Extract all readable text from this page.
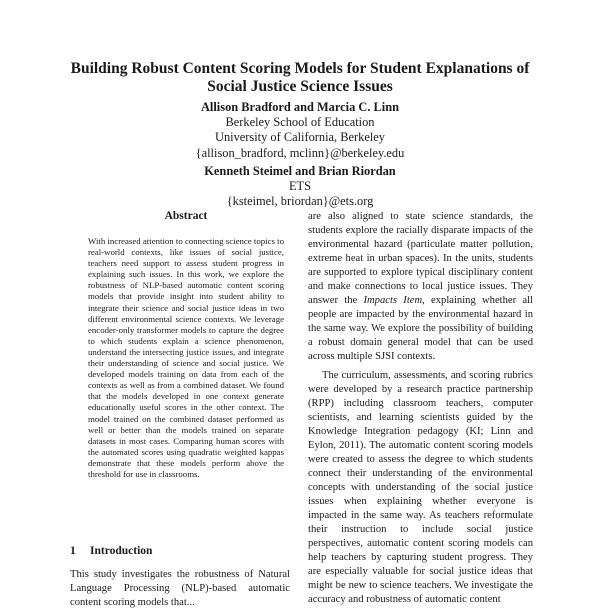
Building Robust Content Scoring Models for Student Explanations of
Social Justice Science Issues
Allison Bradford and Marcia C. Linn
Berkeley School of Education
University of California, Berkeley
{allison_bradford, mclinn}@berkeley.edu
Kenneth Steimel and Brian Riordan
ETS
{ksteimel, briordan}@ets.org
Abstract

With increased attention to connecting science topics to real-world contexts, like issues of social justice, teachers need support to assess student progress in explaining such issues. In this work, we explore the robustness of NLP-based automatic content scoring models that provide insight into student ability to integrate their science and social justice ideas in two different environmental science contexts. We leverage encoder-only transformer models to capture the degree to which students explain a science phenomenon, understand the intersecting justice issues, and integrate their understanding of science and social justice. We developed models training on data from each of the contexts as well as from a combined dataset. We found that the models developed in one context generate educationally useful scores in the other context. The model trained on the combined dataset performed as well or better than the models trained on separate datasets in most cases. Comparing human scores with the automated scores using quadratic weighted kappas demonstrate that these models perform above the threshold for use in classrooms.

are also aligned to state science standards, the students explore the racially disparate impacts of the environmental hazard (particulate matter pollution, extreme heat in urban spaces). In the units, students are supported to explore typical disciplinary content and make connections to local justice issues. They answer the Impacts Item, explaining whether all people are impacted by the environmental hazard in the same way. We explore the possibility of building a robust domain general model that can be used across multiple SJSI contexts.

The curriculum, assessments, and scoring rubrics were developed by a research practice partnership (RPP) including classroom teachers, computer scientists, and learning scientists guided by the Knowledge Integration pedagogy (KI; Linn and Eylon, 2011). The automatic content scoring models were created to assess the degree to which students connect their understanding of the environmental concepts with understanding of the social justice issues when explaining whether everyone is impacted in the same way. As teachers reformulate their instruction to include social justice perspectives, automatic content scoring models can help teachers by capturing student progress. They are especially valuable for social justice ideas that might be new to science teachers. We investigate the accuracy and robustness of automatic content

1 Introduction
This study investigates the robustness of Natural Language Processing (NLP)-based automatic content scoring models that...
